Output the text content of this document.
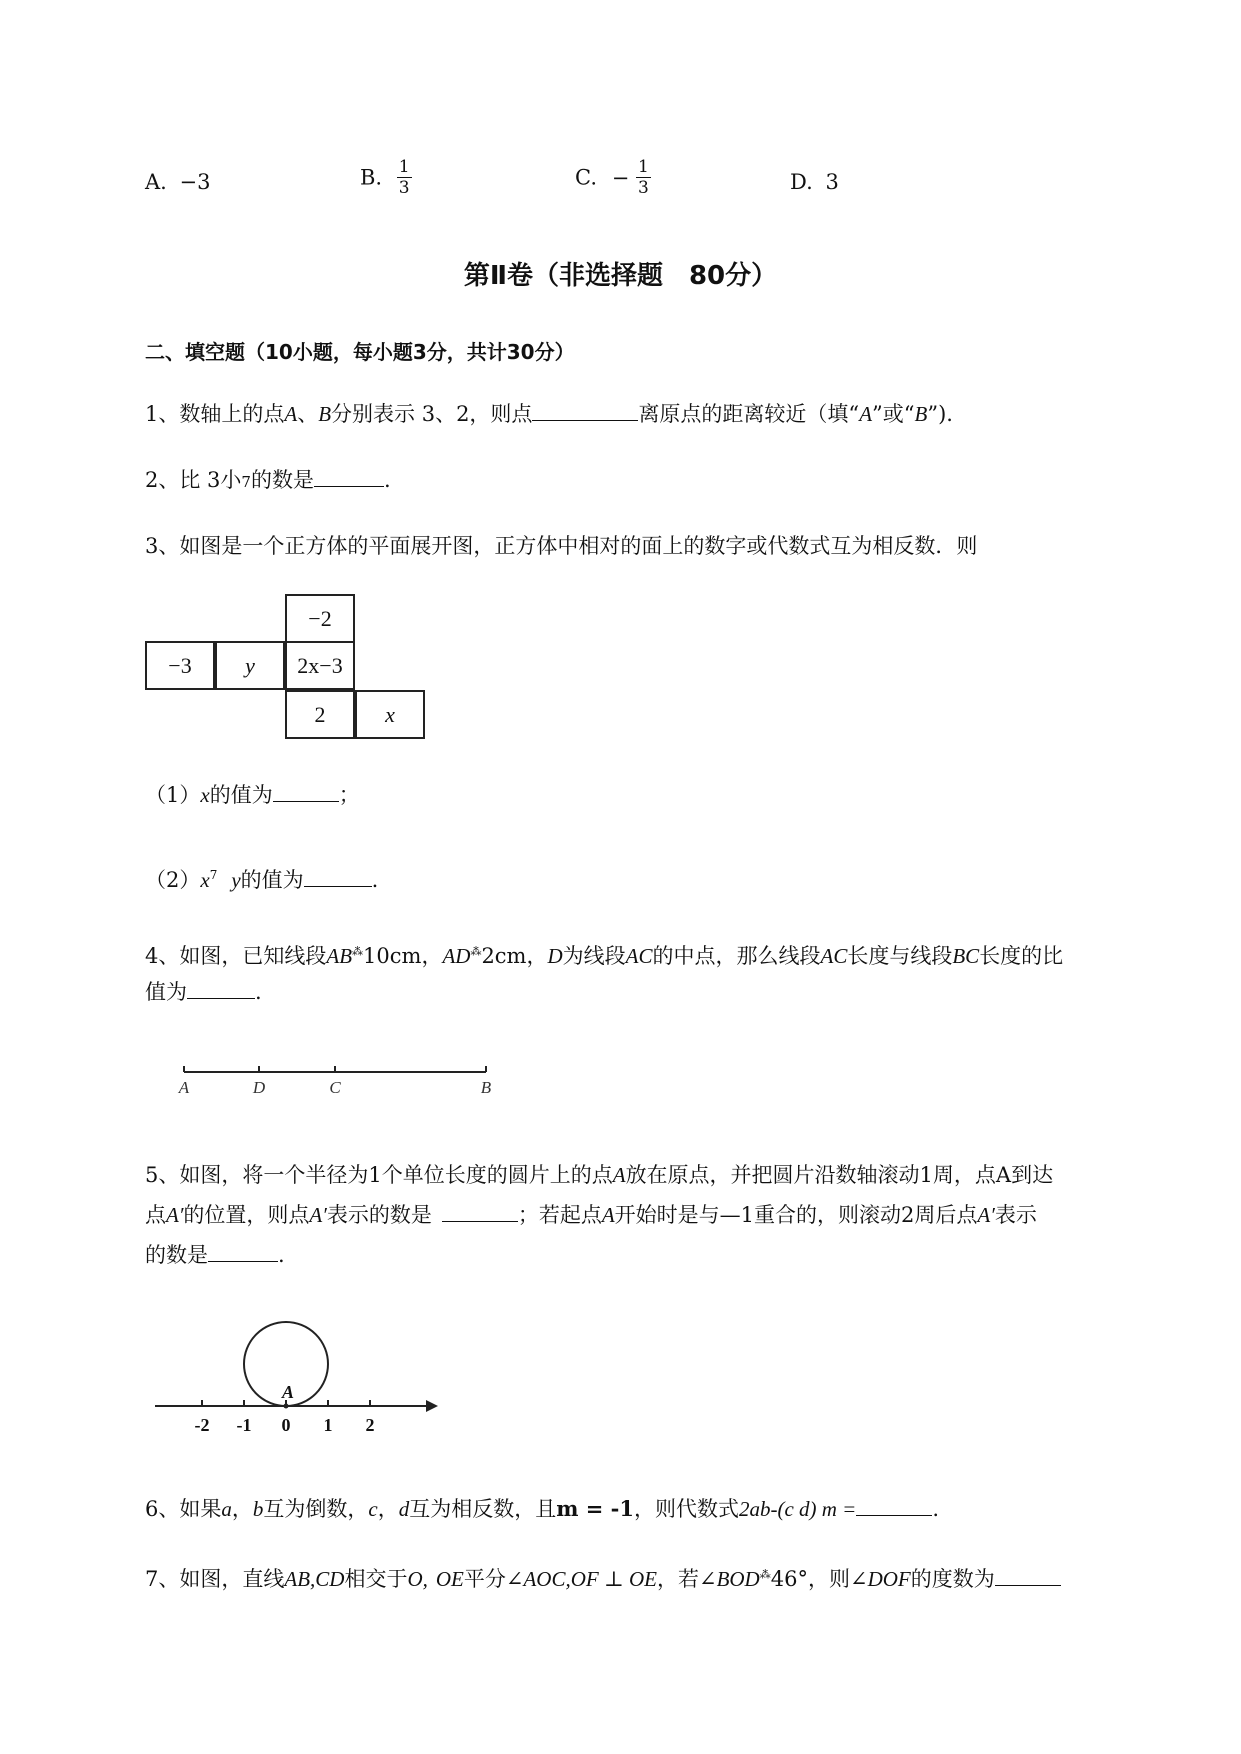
A. −3	B. $\frac{1}{3}$	C. − $\frac{1}{3}$	D. 3
第Ⅱ卷（非选择题　80分）
二、填空题（10小题，每小题3分，共计30分）
1、数轴上的点A、B分别表示 3、2，则点	离原点的距离较近（填“A”或“B”).
2、比 3小7的数是	.
3、如图是一个正方体的平面展开图，正方体中相对的面上的数字或代数式互为相反数．则
−2
−3	y	2x−3
2	x
（1）x的值为	；
$(2)x^7$ y的值为	.
4、如图，已知线段AB⁂10cm，AD⁂2cm，D为线段AC的中点，那么线段AC长度与线段BC长度的比
值为	.
A	D	C	B
5、如图，将一个半径为1个单位长度的圆片上的点A放在原点，并把圆片沿数轴滚动1周，点A到达
点A′的位置，则点A′表示的数是	；若起点A开始时是与—1重合的，则滚动2周后点A′表示
的数是	.
A
-2 -1 0 1 2
6、如果a，b互为倒数，c，d互为相反数，且m = -1，则代数式2ab-(c d) m =	.
7、如图，直线AB,CD相交于O, OE平分∠AOC,OF ⊥ OE，若∠BOD⁂46°，则∠DOF的度数为
